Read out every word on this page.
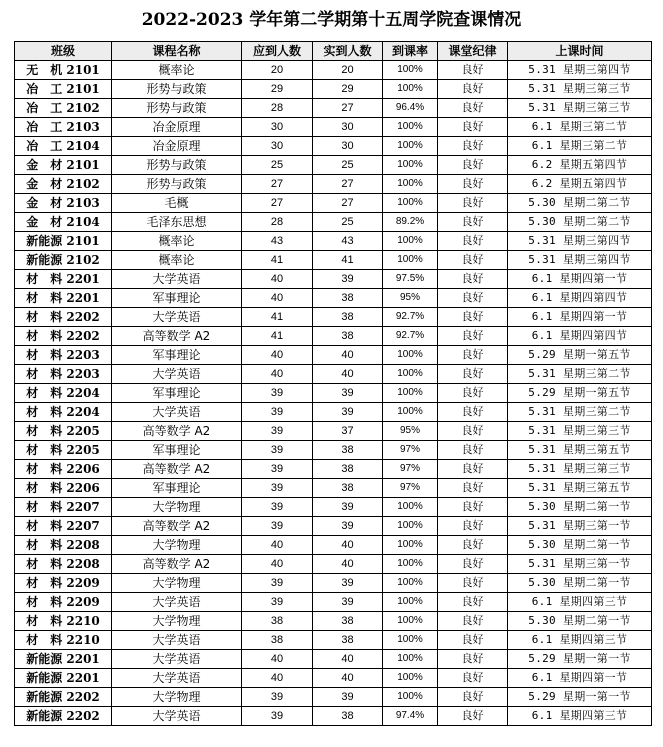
2022-2023 学年第二学期第十五周学院查课情况
班级	课程名称	应到人数	实到人数	到课率	课堂纪律	上课时间
无　机 2101	概率论	20	20	100%	良好	5.31 星期三第四节
冶　工 2101	形势与政策	29	29	100%	良好	5.31 星期三第三节
冶　工 2102	形势与政策	28	27	96.4%	良好	5.31 星期三第三节
冶　工 2103	冶金原理	30	30	100%	良好	6.1 星期三第二节
冶　工 2104	冶金原理	30	30	100%	良好	6.1 星期三第二节
金　材 2101	形势与政策	25	25	100%	良好	6.2 星期五第四节
金　材 2102	形势与政策	27	27	100%	良好	6.2 星期五第四节
金　材 2103	毛概	27	27	100%	良好	5.30 星期二第二节
金　材 2104	毛泽东思想	28	25	89.2%	良好	5.30 星期二第二节
新能源 2101	概率论	43	43	100%	良好	5.31 星期三第四节
新能源 2102	概率论	41	41	100%	良好	5.31 星期三第四节
材　料 2201	大学英语	40	39	97.5%	良好	6.1 星期四第一节
材　料 2201	军事理论	40	38	95%	良好	6.1 星期四第四节
材　料 2202	大学英语	41	38	92.7%	良好	6.1 星期四第一节
材　料 2202	高等数学 A2	41	38	92.7%	良好	6.1 星期四第四节
材　料 2203	军事理论	40	40	100%	良好	5.29 星期一第五节
材　料 2203	大学英语	40	40	100%	良好	5.31 星期三第二节
材　料 2204	军事理论	39	39	100%	良好	5.29 星期一第五节
材　料 2204	大学英语	39	39	100%	良好	5.31 星期三第二节
材　料 2205	高等数学 A2	39	37	95%	良好	5.31 星期三第三节
材　料 2205	军事理论	39	38	97%	良好	5.31 星期三第五节
材　料 2206	高等数学 A2	39	38	97%	良好	5.31 星期三第三节
材　料 2206	军事理论	39	38	97%	良好	5.31 星期三第五节
材　料 2207	大学物理	39	39	100%	良好	5.30 星期二第一节
材　料 2207	高等数学 A2	39	39	100%	良好	5.31 星期三第一节
材　料 2208	大学物理	40	40	100%	良好	5.30 星期二第一节
材　料 2208	高等数学 A2	40	40	100%	良好	5.31 星期三第一节
材　料 2209	大学物理	39	39	100%	良好	5.30 星期二第一节
材　料 2209	大学英语	39	39	100%	良好	6.1 星期四第三节
材　料 2210	大学物理	38	38	100%	良好	5.30 星期二第一节
材　料 2210	大学英语	38	38	100%	良好	6.1 星期四第三节
新能源 2201	大学英语	40	40	100%	良好	5.29 星期一第一节
新能源 2201	大学英语	40	40	100%	良好	6.1 星期四第一节
新能源 2202	大学物理	39	39	100%	良好	5.29 星期一第一节
新能源 2202	大学英语	39	38	97.4%	良好	6.1 星期四第三节
